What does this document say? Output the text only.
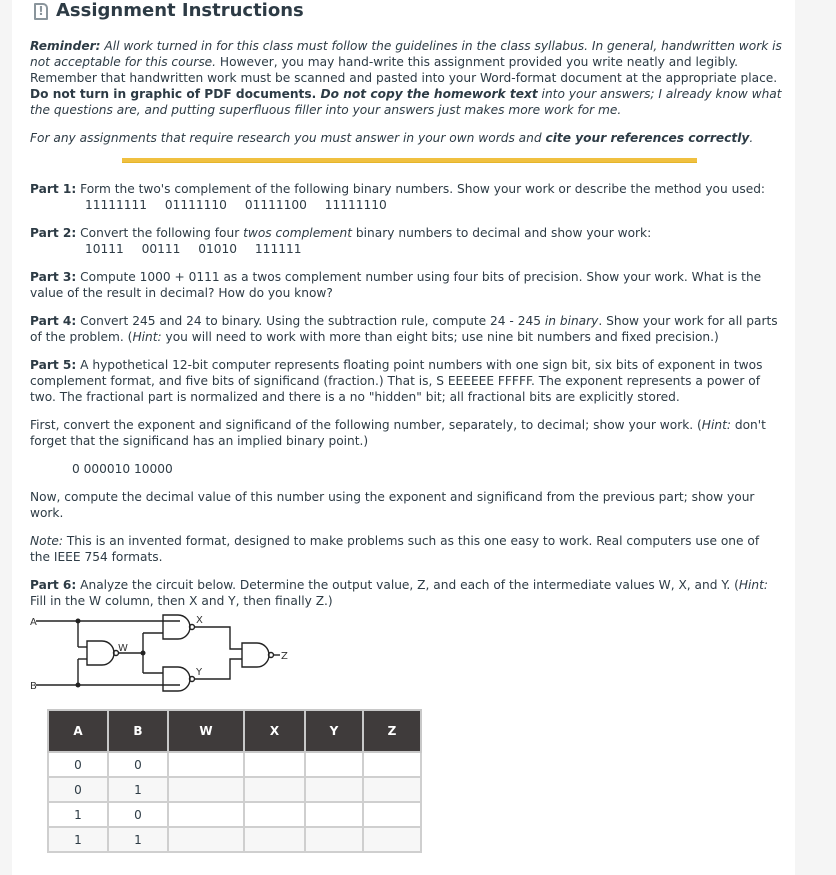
! Assignment Instructions

Reminder: All work turned in for this class must follow the guidelines in the class syllabus. In general, handwritten work is not acceptable for this course. However, you may hand-write this assignment provided you write neatly and legibly. Remember that handwritten work must be scanned and pasted into your Word-format document at the appropriate place. Do not turn in graphic of PDF documents. Do not copy the homework text into your answers; I already know what the questions are, and putting superfluous filler into your answers just makes more work for me.

For any assignments that require research you must answer in your own words and cite your references correctly.

Part 1: Form the two's complement of the following binary numbers. Show your work or describe the method you used:

11111111 01111110 01111100 11111110

Part 2: Convert the following four twos complement binary numbers to decimal and show your work:

10111 00111 01010 111111

Part 3: Compute 1000 + 0111 as a twos complement number using four bits of precision. Show your work. What is the value of the result in decimal? How do you know?

Part 4: Convert 245 and 24 to binary. Using the subtraction rule, compute 24 - 245 in binary. Show your work for all parts of the problem. (Hint: you will need to work with more than eight bits; use nine bit numbers and fixed precision.)

Part 5: A hypothetical 12-bit computer represents floating point numbers with one sign bit, six bits of exponent in twos complement format, and five bits of significand (fraction.) That is, S EEEEEE FFFFF. The exponent represents a power of two. The fractional part is normalized and there is a no "hidden" bit; all fractional bits are explicitly stored.

First, convert the exponent and significand of the following number, separately, to decimal; show your work. (Hint: don't forget that the significand has an implied binary point.)

0 000010 10000

Now, compute the decimal value of this number using the exponent and significand from the previous part; show your work.

Note: This is an invented format, designed to make problems such as this one easy to work. Real computers use one of the IEEE 754 formats.

Part 6: Analyze the circuit below. Determine the output value, Z, and each of the intermediate values W, X, and Y. (Hint: Fill in the W column, then X and Y, then finally Z.)

A
B
W
X
Y
Z
A	B	W	X	Y	Z
0	0				
0	1				
1	0				
1	1				
